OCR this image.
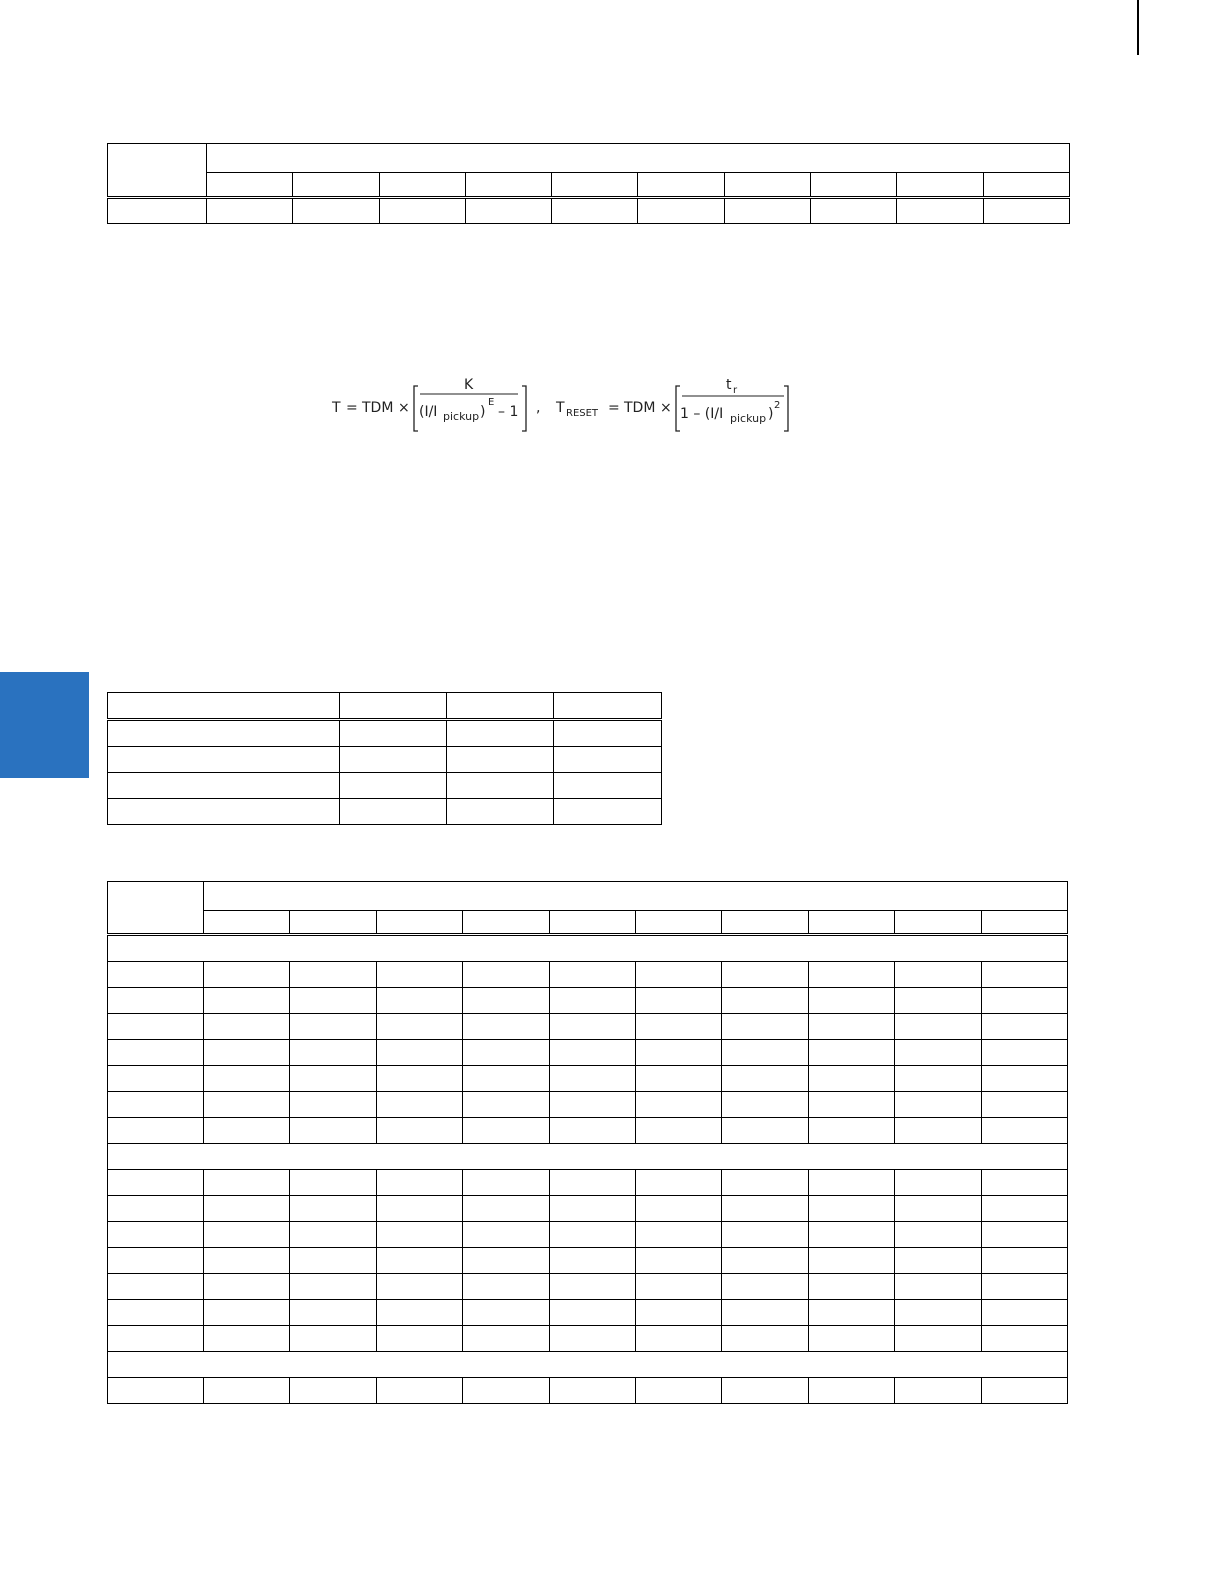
T = TDM ×
K
(I/I pickup )
E
– 1 , T RESET = TDM ×
t r
1 – (I/I pickup )
2
